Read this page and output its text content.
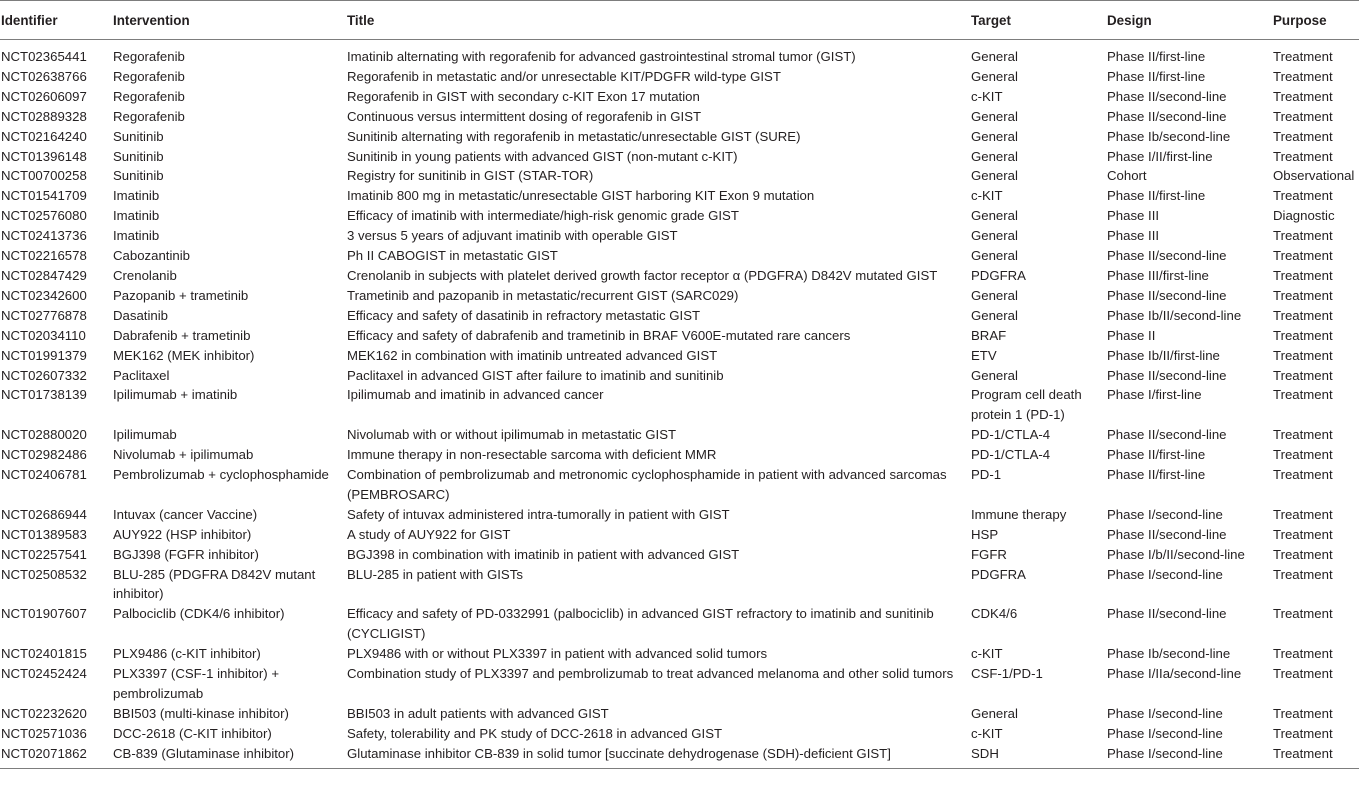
Identifier	Intervention	Title	Target	Design	Purpose
NCT02365441	Regorafenib	Imatinib alternating with regorafenib for advanced gastrointestinal stromal tumor (GIST)	General	Phase II/first-line	Treatment
NCT02638766	Regorafenib	Regorafenib in metastatic and/or unresectable KIT/PDGFR wild-type GIST	General	Phase II/first-line	Treatment
NCT02606097	Regorafenib	Regorafenib in GIST with secondary c-KIT Exon 17 mutation	c-KIT	Phase II/second-line	Treatment
NCT02889328	Regorafenib	Continuous versus intermittent dosing of regorafenib in GIST	General	Phase II/second-line	Treatment
NCT02164240	Sunitinib	Sunitinib alternating with regorafenib in metastatic/unresectable GIST (SURE)	General	Phase Ib/second-line	Treatment
NCT01396148	Sunitinib	Sunitinib in young patients with advanced GIST (non-mutant c-KIT)	General	Phase I/II/first-line	Treatment
NCT00700258	Sunitinib	Registry for sunitinib in GIST (STAR-TOR)	General	Cohort	Observational
NCT01541709	Imatinib	Imatinib 800 mg in metastatic/unresectable GIST harboring KIT Exon 9 mutation	c-KIT	Phase II/first-line	Treatment
NCT02576080	Imatinib	Efficacy of imatinib with intermediate/high-risk genomic grade GIST	General	Phase III	Diagnostic
NCT02413736	Imatinib	3 versus 5 years of adjuvant imatinib with operable GIST	General	Phase III	Treatment
NCT02216578	Cabozantinib	Ph II CABOGIST in metastatic GIST	General	Phase II/second-line	Treatment
NCT02847429	Crenolanib	Crenolanib in subjects with platelet derived growth factor receptor α (PDGFRA) D842V mutated GIST	PDGFRA	Phase III/first-line	Treatment
NCT02342600	Pazopanib + trametinib	Trametinib and pazopanib in metastatic/recurrent GIST (SARC029)	General	Phase II/second-line	Treatment
NCT02776878	Dasatinib	Efficacy and safety of dasatinib in refractory metastatic GIST	General	Phase Ib/II/second-line	Treatment
NCT02034110	Dabrafenib + trametinib	Efficacy and safety of dabrafenib and trametinib in BRAF V600E-mutated rare cancers	BRAF	Phase II	Treatment
NCT01991379	MEK162 (MEK inhibitor)	MEK162 in combination with imatinib untreated advanced GIST	ETV	Phase Ib/II/first-line	Treatment
NCT02607332	Paclitaxel	Paclitaxel in advanced GIST after failure to imatinib and sunitinib	General	Phase II/second-line	Treatment
NCT01738139	Ipilimumab + imatinib	Ipilimumab and imatinib in advanced cancer	Program cell death protein 1 (PD-1)	Phase I/first-line	Treatment
NCT02880020	Ipilimumab	Nivolumab with or without ipilimumab in metastatic GIST	PD-1/CTLA-4	Phase II/second-line	Treatment
NCT02982486	Nivolumab + ipilimumab	Immune therapy in non-resectable sarcoma with deficient MMR	PD-1/CTLA-4	Phase II/first-line	Treatment
NCT02406781	Pembrolizumab + cyclophosphamide	Combination of pembrolizumab and metronomic cyclophosphamide in patient with advanced sarcomas (PEMBROSARC)	PD-1	Phase II/first-line	Treatment
NCT02686944	Intuvax (cancer Vaccine)	Safety of intuvax administered intra-tumorally in patient with GIST	Immune therapy	Phase I/second-line	Treatment
NCT01389583	AUY922 (HSP inhibitor)	A study of AUY922 for GIST	HSP	Phase II/second-line	Treatment
NCT02257541	BGJ398 (FGFR inhibitor)	BGJ398 in combination with imatinib in patient with advanced GIST	FGFR	Phase I/b/II/second-line	Treatment
NCT02508532	BLU-285 (PDGFRA D842V mutant inhibitor)	BLU-285 in patient with GISTs	PDGFRA	Phase I/second-line	Treatment
NCT01907607	Palbociclib (CDK4/6 inhibitor)	Efficacy and safety of PD-0332991 (palbociclib) in advanced GIST refractory to imatinib and sunitinib (CYCLIGIST)	CDK4/6	Phase II/second-line	Treatment
NCT02401815	PLX9486 (c-KIT inhibitor)	PLX9486 with or without PLX3397 in patient with advanced solid tumors	c-KIT	Phase Ib/second-line	Treatment
NCT02452424	PLX3397 (CSF-1 inhibitor) + pembrolizumab	Combination study of PLX3397 and pembrolizumab to treat advanced melanoma and other solid tumors	CSF-1/PD-1	Phase I/IIa/second-line	Treatment
NCT02232620	BBI503 (multi-kinase inhibitor)	BBI503 in adult patients with advanced GIST	General	Phase I/second-line	Treatment
NCT02571036	DCC-2618 (C-KIT inhibitor)	Safety, tolerability and PK study of DCC-2618 in advanced GIST	c-KIT	Phase I/second-line	Treatment
NCT02071862	CB-839 (Glutaminase inhibitor)	Glutaminase inhibitor CB-839 in solid tumor [succinate dehydrogenase (SDH)-deficient GIST]	SDH	Phase I/second-line	Treatment
